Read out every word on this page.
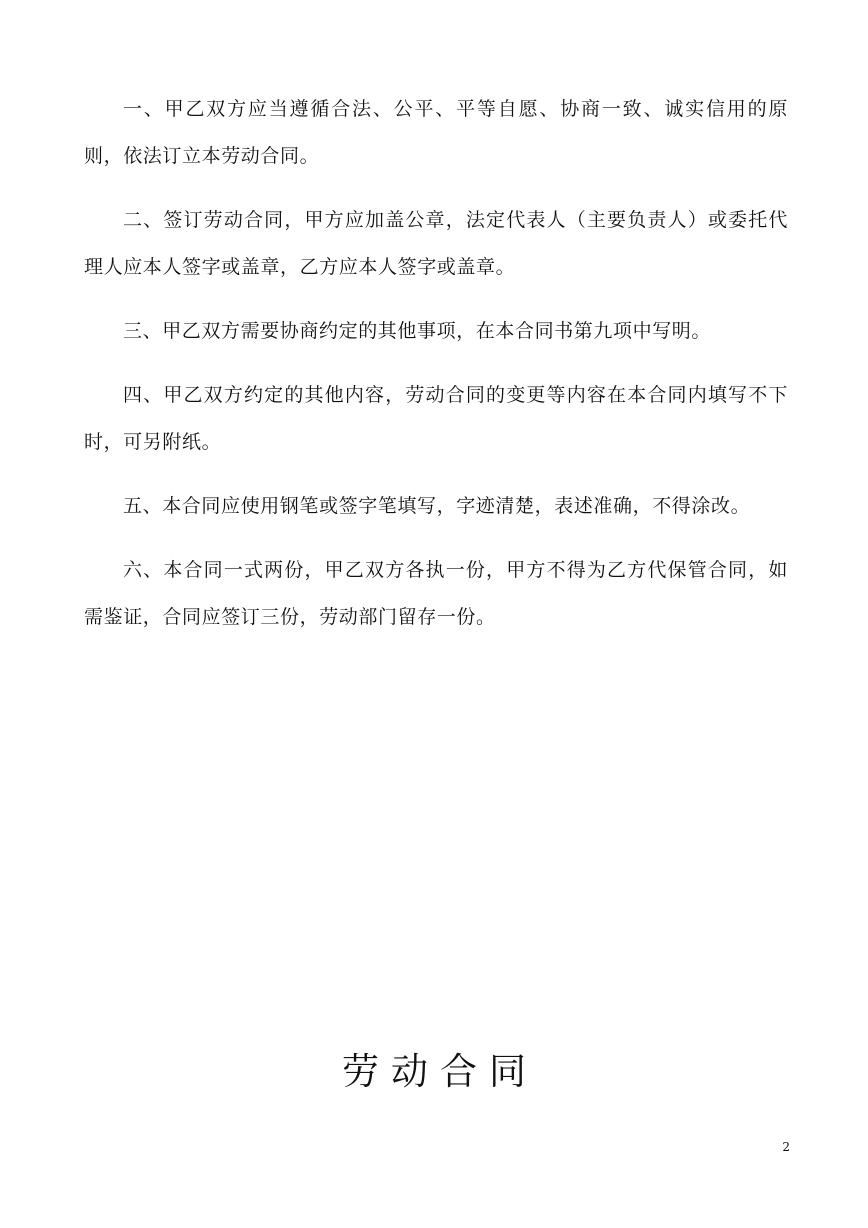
一、甲乙双方应当遵循合法、公平、平等自愿、协商一致、诚实信用的原则，依法订立本劳动合同。

二、签订劳动合同，甲方应加盖公章，法定代表人（主要负责人）或委托代理人应本人签字或盖章，乙方应本人签字或盖章。

三、甲乙双方需要协商约定的其他事项，在本合同书第九项中写明。

四、甲乙双方约定的其他内容，劳动合同的变更等内容在本合同内填写不下时，可另附纸。

五、本合同应使用钢笔或签字笔填写，字迹清楚，表述准确，不得涂改。

六、本合同一式两份，甲乙双方各执一份，甲方不得为乙方代保管合同，如需鉴证，合同应签订三份，劳动部门留存一份。

劳动合同
2
